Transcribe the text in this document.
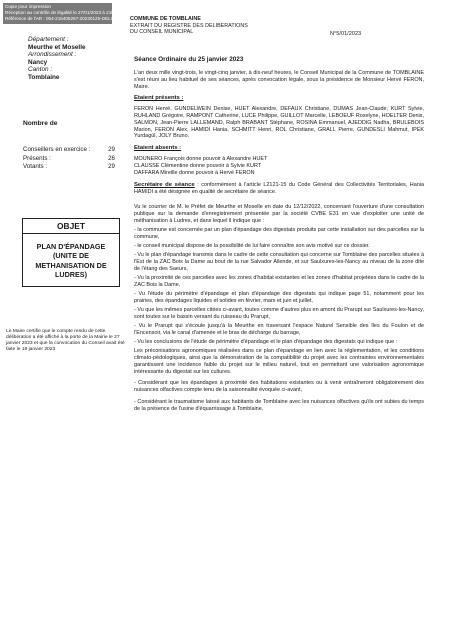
Copie pour impression
Réception au contrôle de légalité le 27/01/2023 à 21h40
Référence de l'AR : 054-215405267-20230125-DEL0501/2023-DE
COMMUNE DE TOMBLAINE
EXTRAIT DU REGISTRE DES DELIBERATIONS
DU CONSEIL MUNICIPAL	N°5/01/2023
Département :
Meurthe et Moselle
Arrondissement :
Nancy
Canton :
Tomblaine
Séance Ordinaire du 25 janvier 2023

L'an deux mille vingt-trois, le vingt-cinq janvier, à dix-neuf heures, le Conseil Municipal de la Commune de TOMBLAINE s'est réuni au lieu habituel de ses séances, après convocation légale, sous la présidence de Monsieur Hervé FERON, Maire.

Etaient présents :

FERON Hervé, GUNDELWEIN Denise, HUET Alexandre, DEFAUX Christiane, DUMAS Jean-Claude, KURT Sylvie, RUHLAND Grégoire, RAMPONT Catherine, LUCE Philippe, GUILLOT Marcelle, LEBOEUF Roselyne, HOELTER Denis, SALMON, Jean-Pierre LALLEMAND, Ralph BRABANT Stéphane, ROSINA Emmanuel, AJEDDIG Nadha, BRULEBOIS Marion, FERON Alex, HAMIDI Hania, SCHMITT Henri, ROL Christiane, GRALL Pierre, GUNDESLI Mahmut, IPEK Yurdagül, JOLY Bruno.

Etaient absents :

MOUNERO François donne pouvoir à Alexandre HUET
CLAUSSE Clémentine donne pouvoir à Sylvie KURT
DAFFARA Mireille donne pouvoir à Hervé FERON

Secrétaire de séance : conformément à l'article L2121-15 du Code Général des Collectivités Territoriales, Hania HAMIDI a été désignée en qualité de secrétaire de séance.

Vu le courrier de M. le Préfet de Meurthe et Moselle en date du 12/12/2022, concernant l'ouverture d'une consultation publique sur la demande d'enregistrement présentée par la société CVBE E31 en vue d'exploiter une unité de méthanisation à Ludres, et dans lequel il indique que :

- la commune est concernée par un plan d'épandage des digestats produits par cette installation sur des parcelles sur la commune,

- le conseil municipal dispose de la possibilité de lui faire connaître son avis motivé sur ce dossier.

- Vu le plan d'épandage transmis dans le cadre de cette consultation qui concerne sur Tomblaine des parcelles situées à l'Est de la ZAC Bois la Dame au bout de la rue Salvador Allende, et sur Saulxures-les-Nancy au niveau de la zone dite de l'étang des Saeurs,

- Vu la proximité de ces parcelles avec les zones d'habitat existantes et les zones d'habitat projetées dans le cadre de la ZAC Bois la Dame,

- Vu l'étude du périmètre d'épandage et plan d'épandage des digestats qui indique page 51, notamment pour les prairies, des épandages liquides et solides en février, mars et juin et juillet,

- Vu que les mêmes parcelles citées ci-avant, toutes comme d'autres plus en amont du Prarupt sur Saulxures-les-Nancy, sont toutes sur le bassin versant du ruisseau du Prarupt,

- Vu le Prarupt qui s'écoule jusqu'à la Meurthe en traversant l'espace Naturel Sensible des îles du Foulon et de l'Encensoir, via le canal d'amenée et le bras de décharge du barrage,

- Vu les conclusions de l'étude de périmètre d'épandage et le plan d'épandage des digestats qui indique que :

Les préconisations agronomiques réalisées dans ce plan d'épandage en lien avec la réglementation, et les conditions climato-pédologiques, ainsi que la démonstration de la compatibilité du projet avec les contraintes environnementales garantissent une incidence faible du projet sur le milieu naturel, tout en permettant une valorisation agronomique intéressante du digestat sur les cultures.

- Considérant que les épandages à proximité des habitations existantes ou à venir entraîneront obligatoirement des nuisances olfactives compte tenu de la saisonnalité évoquée ci-avant,

- Considérant le traumatisme laissé aux habitants de Tomblaine avec les nuisances olfactives qu'ils ont subies du temps de la présence de l'usine d'équarrissage à Tomblaine,

Nombre de
Conseillers en exercice :	29
Présents :	26
Votants :	29
OBJET
PLAN D'ÉPANDAGE (UNITE DE METHANISATION DE LUDRES)
Le Maire certifie que le compte rendu de cette délibération a été affiché à la porte de la Mairie le 27 janvier 2023 et que la convocation du Conseil avait été faite le 18 janvier 2023
